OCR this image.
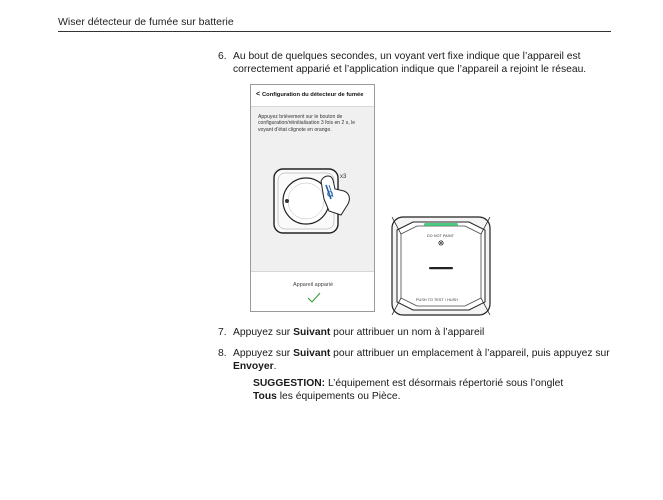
Wiser détecteur de fumée sur batterie
6. Au bout de quelques secondes, un voyant vert fixe indique que l’appareil est correctement apparié et l’application indique que l’appareil a rejoint le réseau.
< Configuration du détecteur de fumée
Appuyez brièvement sur le bouton de
configuration/réinitialisation 3 fois en 2 s, le
voyant d’état clignote en orange.
x3
Appareil apparié
DO NOT PAINT
PUSH TO TEST / HUSH
7. Appuyez sur Suivant pour attribuer un nom à l’appareil
8. Appuyez sur Suivant pour attribuer un emplacement à l’appareil, puis appuyez sur Envoyer.
SUGGESTION: L’équipement est désormais répertorié sous l’onglet Tous les équipements ou Pièce.
